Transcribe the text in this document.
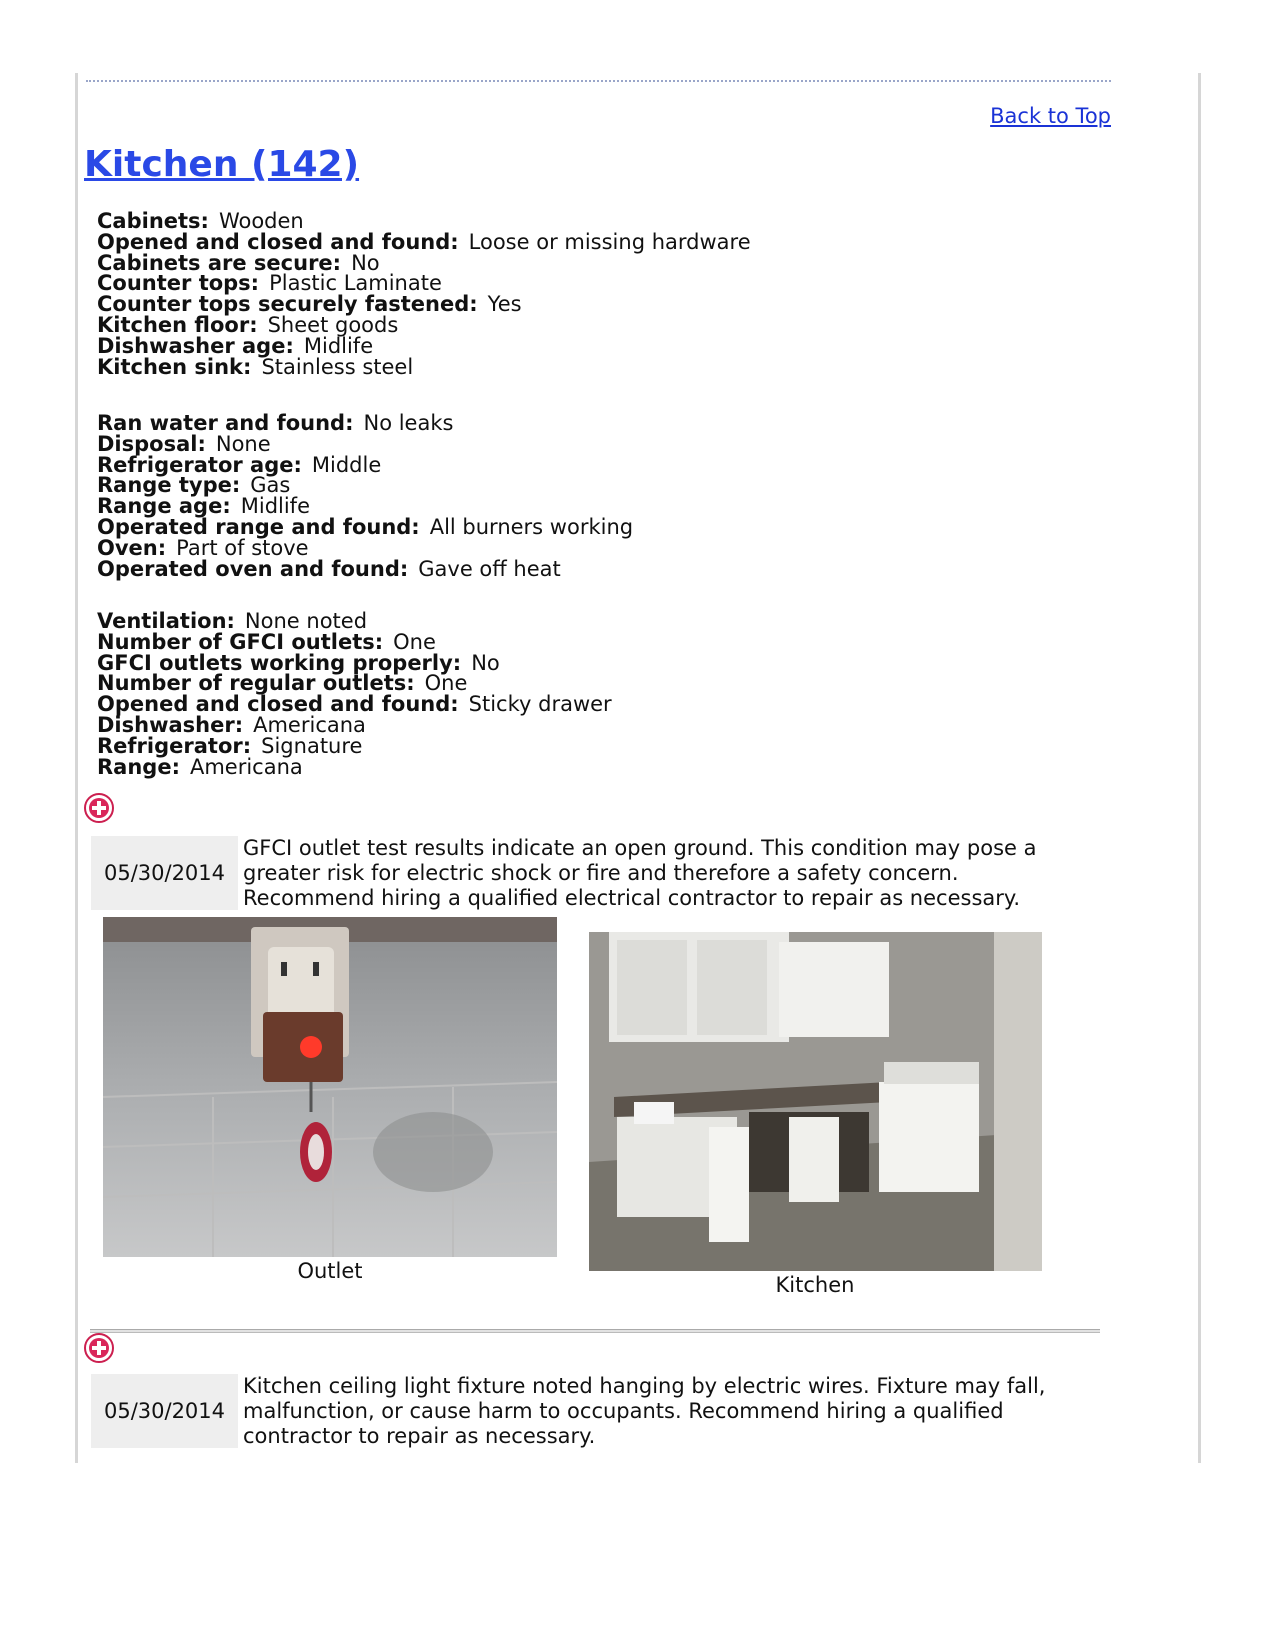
Back to Top
Kitchen (142)
Cabinets: Wooden
Opened and closed and found: Loose or missing hardware
Cabinets are secure: No
Counter tops: Plastic Laminate
Counter tops securely fastened: Yes
Kitchen floor: Sheet goods
Dishwasher age: Midlife
Kitchen sink: Stainless steel
Ran water and found: No leaks
Disposal: None
Refrigerator age: Middle
Range type: Gas
Range age: Midlife
Operated range and found: All burners working
Oven: Part of stove
Operated oven and found: Gave off heat
Ventilation: None noted
Number of GFCI outlets: One
GFCI outlets working properly: No
Number of regular outlets: One
Opened and closed and found: Sticky drawer
Dishwasher: Americana
Refrigerator: Signature
Range: Americana
05/30/2014
GFCI outlet test results indicate an open ground. This condition may pose a greater risk for electric shock or fire and therefore a safety concern. Recommend hiring a qualified electrical contractor to repair as necessary.
Outlet
Kitchen
05/30/2014
Kitchen ceiling light fixture noted hanging by electric wires. Fixture may fall, malfunction, or cause harm to occupants. Recommend hiring a qualified contractor to repair as necessary.
